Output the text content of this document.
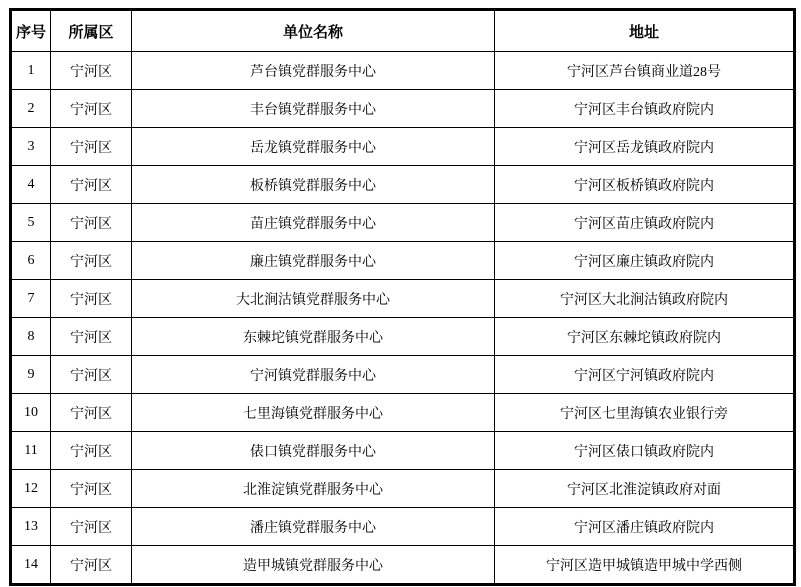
序号	所属区	单位名称	地址
1	宁河区	芦台镇党群服务中心	宁河区芦台镇商业道28号
2	宁河区	丰台镇党群服务中心	宁河区丰台镇政府院内
3	宁河区	岳龙镇党群服务中心	宁河区岳龙镇政府院内
4	宁河区	板桥镇党群服务中心	宁河区板桥镇政府院内
5	宁河区	苗庄镇党群服务中心	宁河区苗庄镇政府院内
6	宁河区	廉庄镇党群服务中心	宁河区廉庄镇政府院内
7	宁河区	大北涧沽镇党群服务中心	宁河区大北涧沽镇政府院内
8	宁河区	东棘坨镇党群服务中心	宁河区东棘坨镇政府院内
9	宁河区	宁河镇党群服务中心	宁河区宁河镇政府院内
10	宁河区	七里海镇党群服务中心	宁河区七里海镇农业银行旁
11	宁河区	俵口镇党群服务中心	宁河区俵口镇政府院内
12	宁河区	北淮淀镇党群服务中心	宁河区北淮淀镇政府对面
13	宁河区	潘庄镇党群服务中心	宁河区潘庄镇政府院内
14	宁河区	造甲城镇党群服务中心	宁河区造甲城镇造甲城中学西侧
